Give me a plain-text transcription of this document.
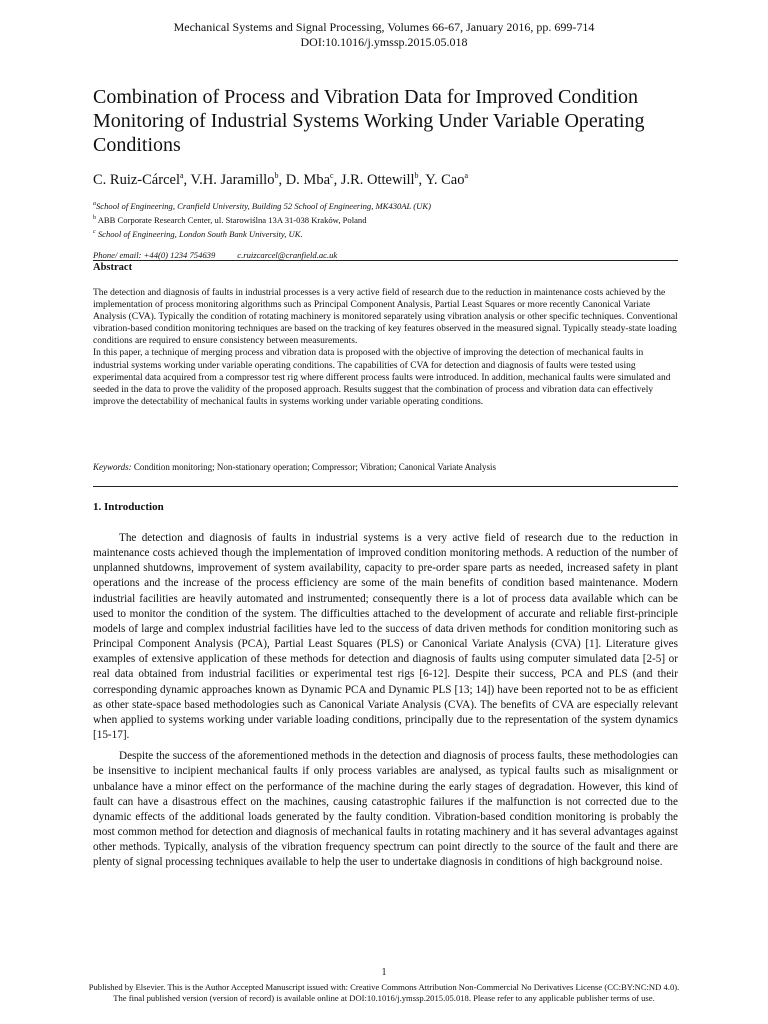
Mechanical Systems and Signal Processing, Volumes 66-67, January 2016, pp. 699-714
DOI:10.1016/j.ymssp.2015.05.018
Combination of Process and Vibration Data for Improved Condition Monitoring of Industrial Systems Working Under Variable Operating Conditions
C. Ruiz-Cárcel$^a$, V.H. Jaramillo$^b$, D. Mba$^c$, J.R. Ottewill$^b$, Y. Cao$^a$
$^a$School of Engineering, Cranfield University, Building 52 School of Engineering, MK430AL (UK)
$^b$ ABB Corporate Research Center, ul. Starowiślna 13A 31-038 Kraków, Poland
$^c$ School of Engineering, London South Bank University, UK.
Phone/ email: +44(0) 1234 754639	c.ruizcarcel@cranfield.ac.uk
Abstract

The detection and diagnosis of faults in industrial processes is a very active field of research due to the reduction in maintenance costs achieved by the implementation of process monitoring algorithms such as Principal Component Analysis, Partial Least Squares or more recently Canonical Variate Analysis (CVA). Typically the condition of rotating machinery is monitored separately using vibration analysis or other specific techniques. Conventional vibration-based condition monitoring techniques are based on the tracking of key features observed in the measured signal. Typically steady-state loading conditions are required to ensure consistency between measurements.

In this paper, a technique of merging process and vibration data is proposed with the objective of improving the detection of mechanical faults in industrial systems working under variable operating conditions. The capabilities of CVA for detection and diagnosis of faults were tested using experimental data acquired from a compressor test rig where different process faults were introduced. In addition, mechanical faults were simulated and seeded in the data to prove the validity of the proposed approach. Results suggest that the combination of process and vibration data can effectively improve the detectability of mechanical faults in systems working under variable operating conditions.

Keywords: Condition monitoring; Non-stationary operation; Compressor; Vibration; Canonical Variate Analysis
1. Introduction

The detection and diagnosis of faults in industrial systems is a very active field of research due to the reduction in maintenance costs achieved though the implementation of improved condition monitoring methods. A reduction of the number of unplanned shutdowns, improvement of system availability, capacity to pre-order spare parts as needed, increased safety in plant operations and the increase of the process efficiency are some of the main benefits of condition based maintenance. Modern industrial facilities are heavily automated and instrumented; consequently there is a lot of process data available which can be used to monitor the condition of the system. The difficulties attached to the development of accurate and reliable first-principle models of large and complex industrial facilities have led to the success of data driven methods for condition monitoring such as Principal Component Analysis (PCA), Partial Least Squares (PLS) or Canonical Variate Analysis (CVA) [1]. Literature gives examples of extensive application of these methods for detection and diagnosis of faults using computer simulated data [2-5] or real data obtained from industrial facilities or experimental test rigs [6-12]. Despite their success, PCA and PLS (and their corresponding dynamic approaches known as Dynamic PCA and Dynamic PLS [13; 14]) have been reported not to be as efficient as other state-space based methodologies such as Canonical Variate Analysis (CVA). The benefits of CVA are especially relevant when applied to systems working under variable loading conditions, principally due to the representation of the system dynamics [15-17].

Despite the success of the aforementioned methods in the detection and diagnosis of process faults, these methodologies can be insensitive to incipient mechanical faults if only process variables are analysed, as typical faults such as misalignment or unbalance have a minor effect on the performance of the machine during the early stages of degradation. However, this kind of fault can have a disastrous effect on the machines, causing catastrophic failures if the malfunction is not corrected due to the dynamic effects of the additional loads generated by the faulty condition. Vibration-based condition monitoring is probably the most common method for detection and diagnosis of mechanical faults in rotating machinery and it has several advantages against other methods. Typically, analysis of the vibration frequency spectrum can point directly to the source of the fault and there are plenty of signal processing techniques available to help the user to undertake diagnosis in conditions of high background noise.

1
Published by Elsevier. This is the Author Accepted Manuscript issued with: Creative Commons Attribution Non-Commercial No Derivatives License (CC:BY:NC:ND 4.0).
The final published version (version of record) is available online at DOI:10.1016/j.ymssp.2015.05.018. Please refer to any applicable publisher terms of use.
